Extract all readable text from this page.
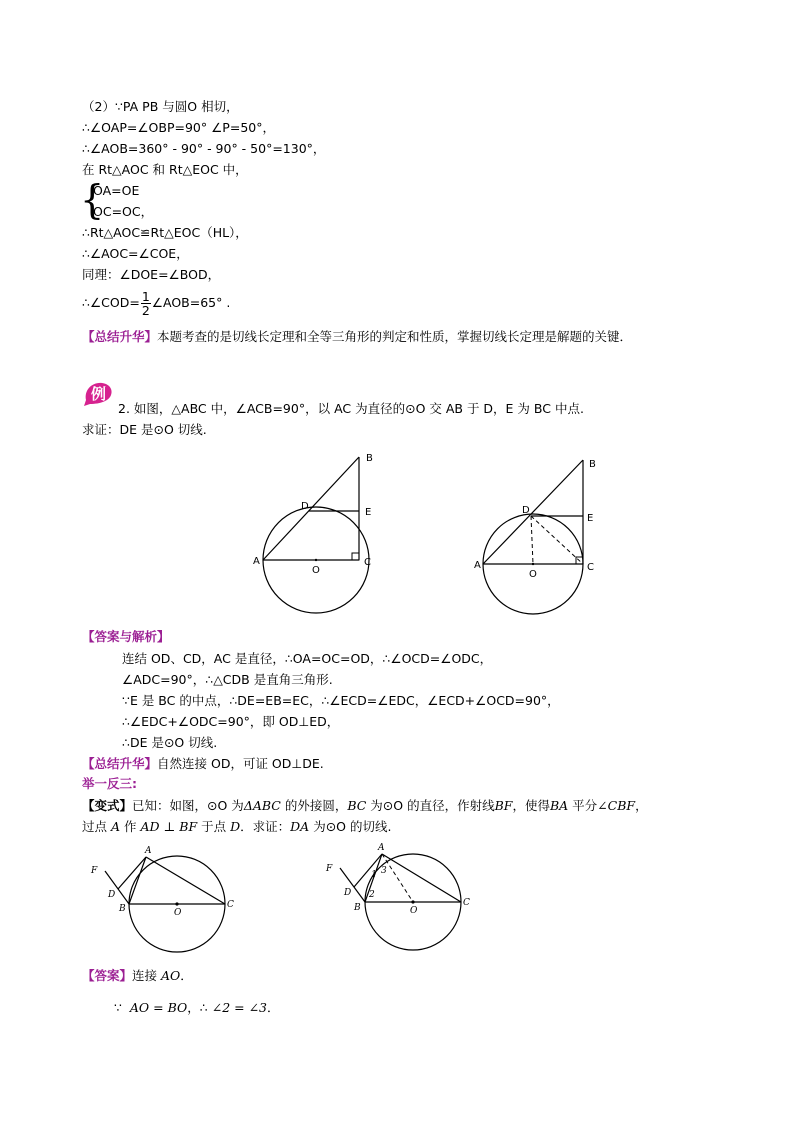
（2）∵PA PB 与圆O 相切，
∴∠OAP=∠OBP=90° ∠P=50°，
∴∠AOB=360° - 90° - 90° - 50°=130°，
在 Rt△AOC 和 Rt△EOC 中，
{
OA=OE
OC=OC，
∴Rt△AOC≌Rt△EOC（HL），
∴∠AOC=∠COE，
同理：∠DOE=∠BOD，
∴∠COD= $\frac{1}{2}$ ∠AOB=65° .
【总结升华】本题考查的是切线长定理和全等三角形的判定和性质，掌握切线长定理是解题的关键．
例
2. 如图，△ABC 中，∠ACB=90°，以 AC 为直径的⊙O 交 AB 于 D，E 为 BC 中点.
求证：DE 是⊙O 切线.
A
B
C
D
E
O	A
B
C
D
E
O
【答案与解析】
连结 OD、CD，AC 是直径，∴OA=OC=OD，∴∠OCD=∠ODC，
∠ADC=90°，∴△CDB 是直角三角形.
∵E 是 BC 的中点，∴DE=EB=EC，∴∠ECD=∠EDC，∠ECD+∠OCD=90°，
∴∠EDC+∠ODC=90°，即 OD⊥ED，
∴DE 是⊙O 切线.
【总结升华】自然连接 OD，可证 OD⊥DE.
举一反三:
【变式】已知：如图，⊙O 为ΔABC 的外接圆，BC 为⊙O 的直径，作射线BF，使得BA 平分∠CBF，
过点 A 作 AD ⊥ BF 于点 D．求证：DA 为⊙O 的切线.
A
B	C
D
F
O
A
B	C
D
F
O
1
2
3
【答案】连接 AO．
∵ AO = BO，∴ ∠2 = ∠3．
